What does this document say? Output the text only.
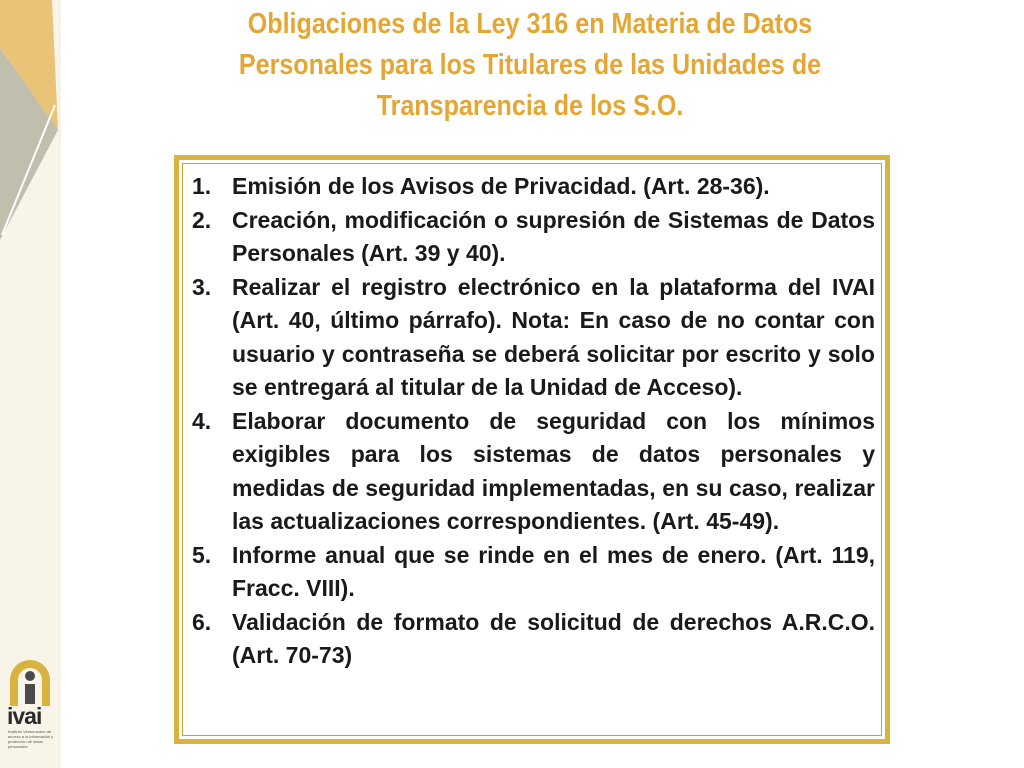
Obligaciones de la Ley 316 en Materia de Datos Personales para los Titulares de las Unidades de Transparencia de los S.O.
1. Emisión de los Avisos de Privacidad. (Art. 28-36).
2. Creación, modificación o supresión de Sistemas de Datos Personales (Art. 39 y 40).
3. Realizar el registro electrónico en la plataforma del IVAI (Art. 40, último párrafo). Nota: En caso de no contar con usuario y contraseña se deberá solicitar por escrito y solo se entregará al titular de la Unidad de Acceso).
4. Elaborar documento de seguridad con los mínimos exigibles para los sistemas de datos personales y medidas de seguridad implementadas, en su caso, realizar las actualizaciones correspondientes. (Art. 45-49).
5. Informe anual que se rinde en el mes de enero. (Art. 119, Fracc. VIII).
6. Validación de formato de solicitud de derechos A.R.C.O. (Art. 70-73)
ivai
Instituto Veracruzano de acceso a la información y protección de datos personales
